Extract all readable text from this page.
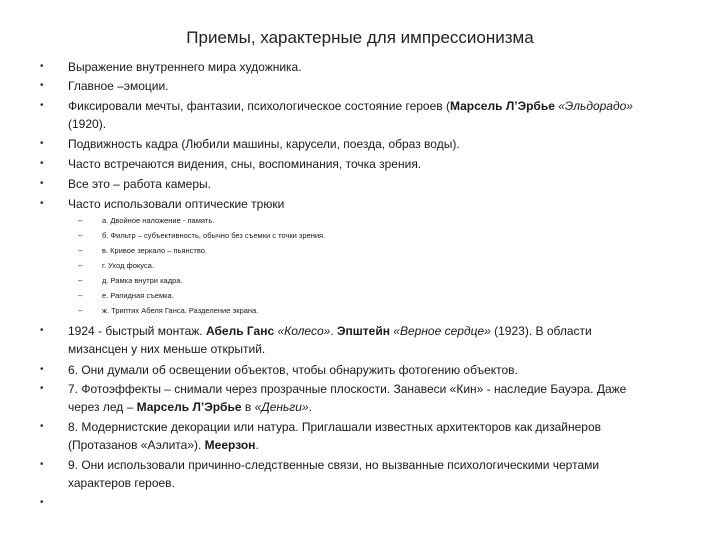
Приемы, характерные для импрессионизма
• Выражение внутреннего мира художника.
• Главное –эмоции.
• Фиксировали мечты, фантазии, психологическое состояние героев (Марсель Л’Эрбье «Эльдорадо»
(1920).
• Подвижность кадра (Любили машины, карусели, поезда, образ воды).
• Часто встречаются видения, сны, воспоминания, точка зрения.
• Все это – работа камеры.
• Часто использовали оптические трюки
–	а. Двойное наложение - память.
–	б. Фильтр – субъективность, обычно без съемки с точки зрения.
–	в. Кривое зеркало – пьянство.
–	г. Уход фокуса.
–	д. Рамка внутри кадра.
–	е. Рапидная съемка.
–	ж. Триптих Абеля Ганса. Разделение экрана.
• 1924 - быстрый монтаж. Абель Ганс «Колесо». Эпштейн «Верное сердце» (1923). В области
мизансцен у них меньше открытий.
• 6. Они думали об освещении объектов, чтобы обнаружить фотогению объектов.
• 7. Фотоэффекты – снимали через прозрачные плоскости. Занавеси «Кин» - наследие Бауэра. Даже
через лед – Марсель Л’Эрбье в «Деньги».
• 8. Модернистские декорации или натура. Приглашали известных архитекторов как дизайнеров
(Протазанов «Аэлита»). Меерзон.
• 9. Они использовали причинно-следственные связи, но вызванные психологическими чертами
характеров героев.
•
